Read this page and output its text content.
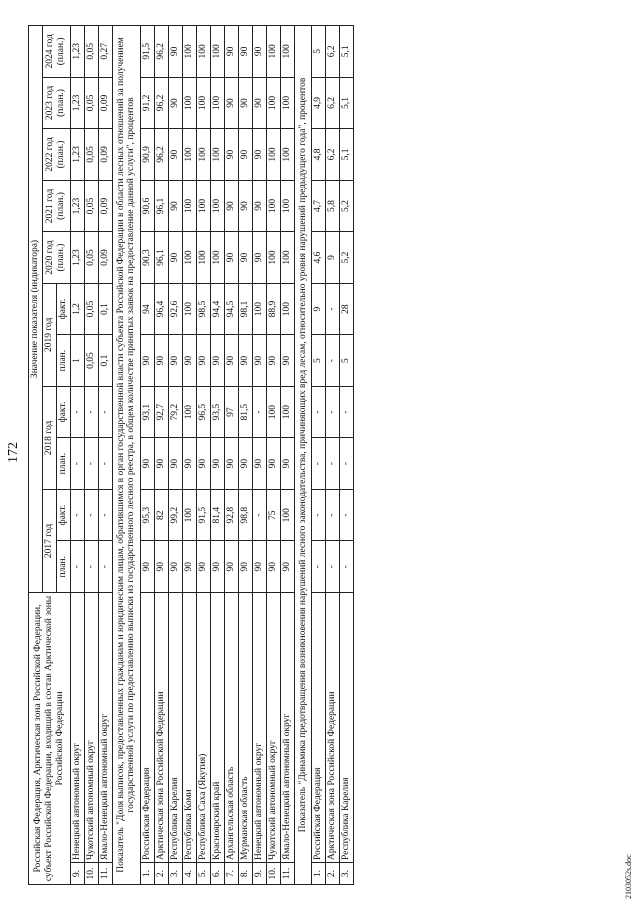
172
Российская Федерация, Арктическая зона Российской Федерации, субъект Российской Федерации, входящий в состав Арктической зоны Российской Федерации		Значение показателя (индикатора)										
		2017 год		2018 год		2019 год		2020 год (план.)	2021 год (план.)	2022 год (план.)	2023 год (план.)	2024 год (план.)
		план.	факт.	план.	факт.	план.	факт.					
9.	Ненецкий автономный округ	-	-	-	-	1	1,2	1,23	1,23	1,23	1,23	1,23
10.	Чукотский автономный округ	-	-	-	-	0,05	0,05	0,05	0,05	0,05	0,05	0,05
11.	Ямало-Ненецкий автономный округ	-	-	-	-	0,1	0,1	0,09	0,09	0,09	0,09	0,27
Показатель "Доля выписок, предоставленных гражданам и юридическим лицам, обратившимся в орган государственной власти субъекта Российской Федерации в области лесных отношений за получением государственной услуги по предоставлению выписки из государственного лесного реестра, в общем количестве принятых заявок на предоставление данной услуги", процентов												
1.	Российская Федерация	90	95,3	90	93,1	90	94	90,3	90,6	90,9	91,2	91,5
2.	Арктическая зона Российской Федерации	90	82	90	92,7	90	96,4	96,1	96,1	96,2	96,2	96,2
3.	Республика Карелия	90	99,2	90	79,2	90	92,6	90	90	90	90	90
4.	Республика Коми	90	100	90	100	90	100	100	100	100	100	100
5.	Республика Саха (Якутия)	90	91,5	90	96,5	90	98,5	100	100	100	100	100
6.	Красноярский край	90	81,4	90	93,5	90	94,4	100	100	100	100	100
7.	Архангельская область	90	92,8	90	97	90	94,5	90	90	90	90	90
8.	Мурманская область	90	98,8	90	81,5	90	98,1	90	90	90	90	90
9.	Ненецкий автономный округ	90	-	90	-	90	100	90	90	90	90	90
10.	Чукотский автономный округ	90	75	90	100	90	88,9	100	100	100	100	100
11.	Ямало-Ненецкий автономный округ	90	100	90	100	90	100	100	100	100	100	100
Показатель "Динамика предотвращения возникновения нарушений лесного законодательства, причиняющих вред лесам, относительно уровня нарушений предыдущего года", процентов												
1.	Российская Федерация	-	-	-	-	5	9	4,6	4,7	4,8	4,9	5
2.	Арктическая зона Российской Федерации	-	-	-	-	-	-	9	5,8	6,2	6,2	6,2
3.	Республика Карелия	-	-	-	-	5	28	5,2	5,2	5,1	5,1	5,1
2103052s.doc
